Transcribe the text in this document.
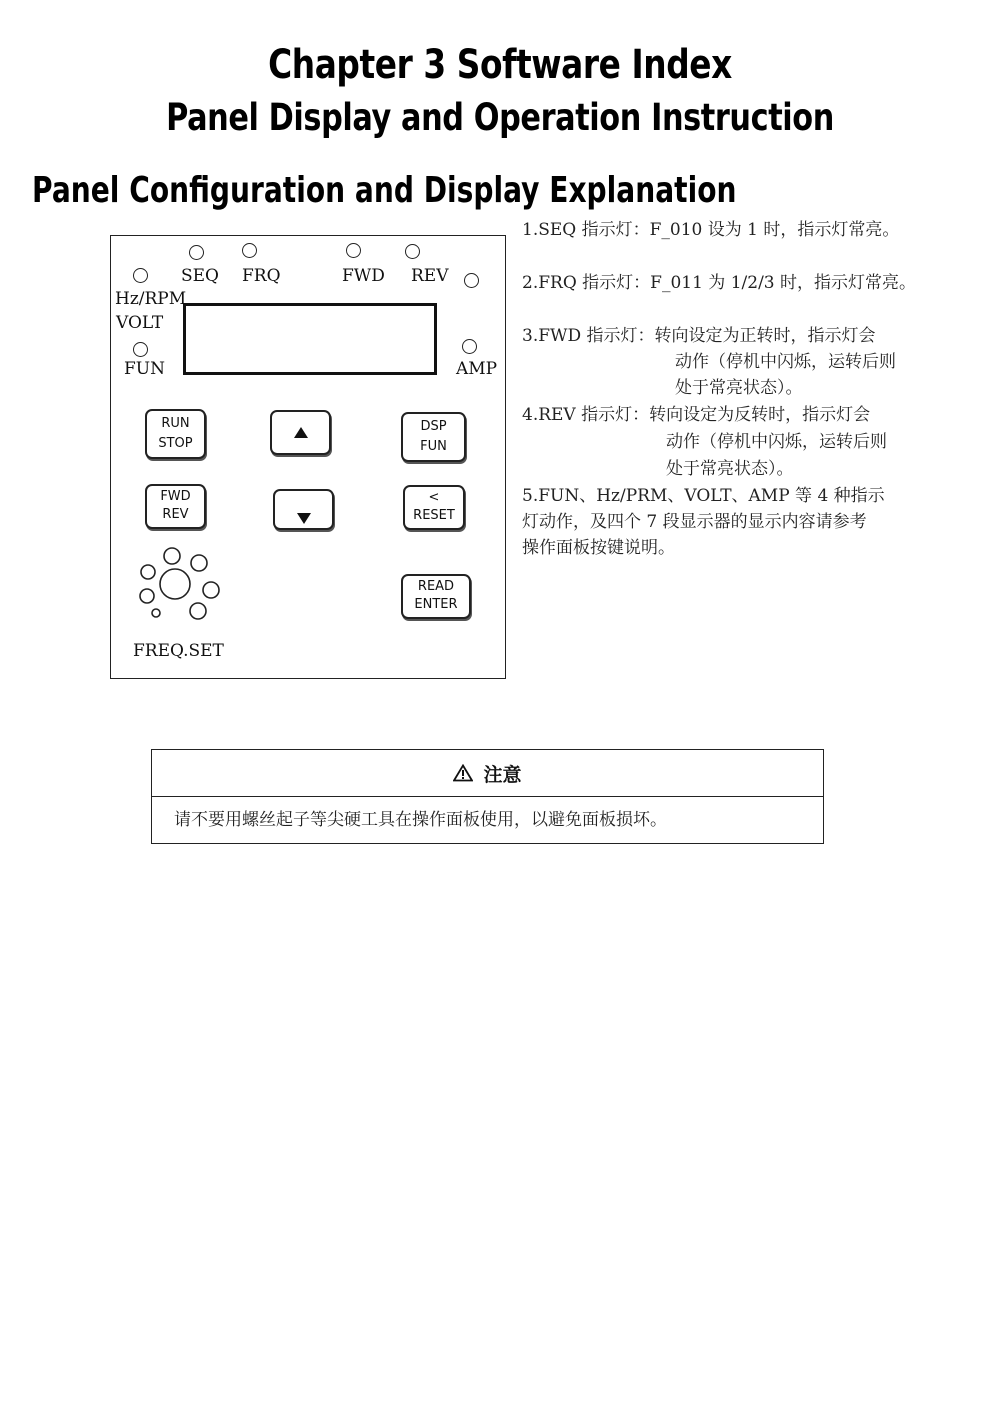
Chapter 3 Software Index
Panel Display and Operation Instruction
Panel Configuration and Display Explanation
SEQ FRQ	FWD REV
Hz/RPM
VOLT
FUN	AMP
RUN
STOP
DSP
FUN
FWD
REV
<
RESET
READ
ENTER
FREQ.SET
1.SEQ 指示灯：F_010 设为 1 时，指示灯常亮。
2.FRQ 指示灯：F_011 为 1/2/3 时，指示灯常亮。
3.FWD 指示灯：转向设定为正转时，指示灯会
动作（停机中闪烁，运转后则
处于常亮状态）。
4.REV 指示灯：转向设定为反转时，指示灯会
动作（停机中闪烁，运转后则
处于常亮状态）。
5.FUN、Hz/PRM、VOLT、AMP 等 4 种指示
灯动作，及四个 7 段显示器的显示内容请参考
操作面板按键说明。
注意
请不要用螺丝起子等尖硬工具在操作面板使用，以避免面板损坏。
